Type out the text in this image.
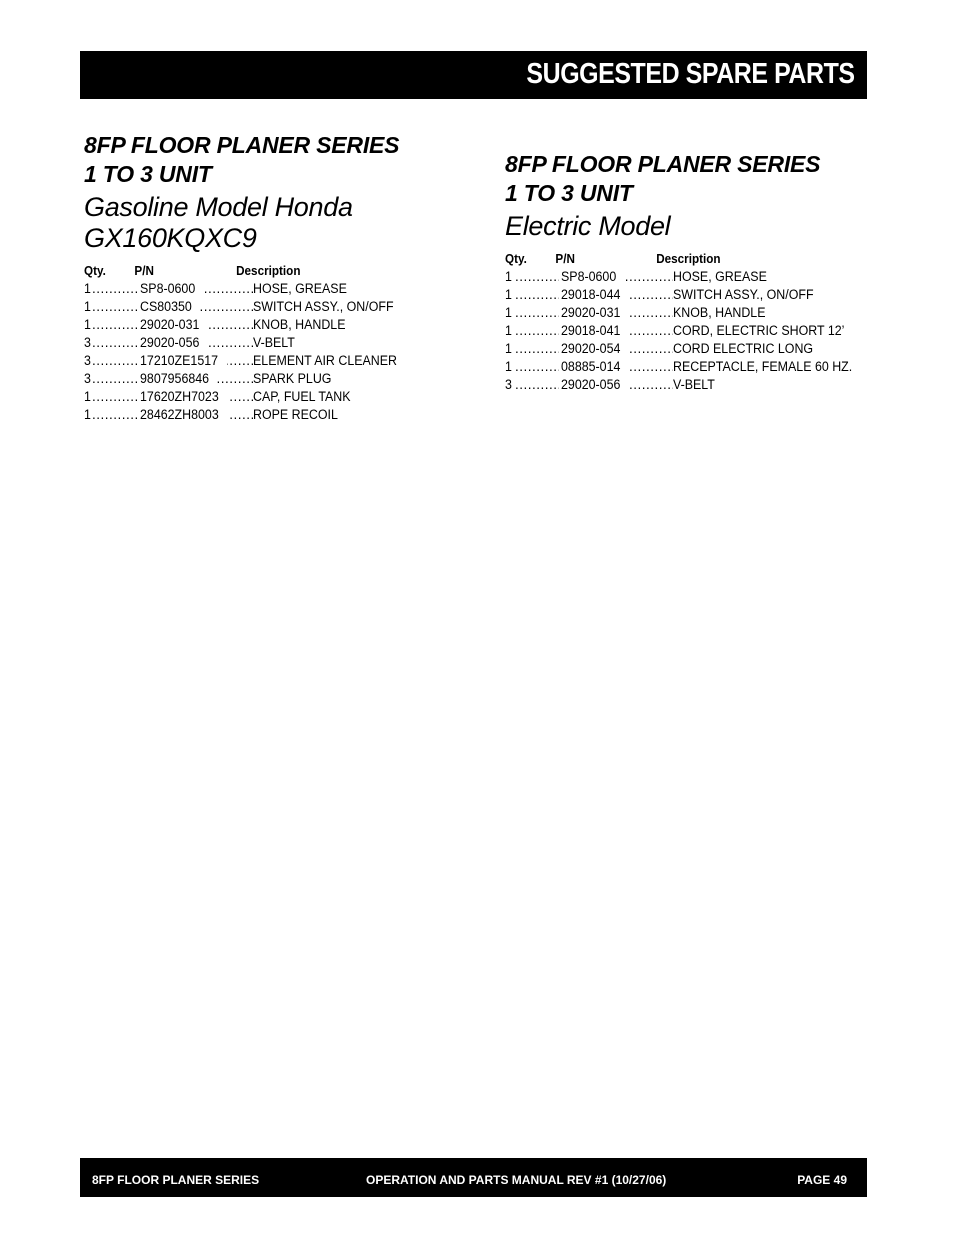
SUGGESTED SPARE PARTS
8FP FLOOR PLANER SERIES
1 TO 3 UNIT
Gasoline Model Honda GX160KQXC9
Qty. P/N	Description
.....
.....
1	SP8-0600	HOSE, GREASE
.....
.....
1	CS80350	SWITCH ASSY., ON/OFF
.....
.....
1	29020-031	KNOB, HANDLE
.....
.....
3	29020-056	V-BELT
.....
.....
3	17210ZE1517	ELEMENT AIR CLEANER
.....
.....
3	9807956846	SPARK PLUG
.....
.....
1	17620ZH7023	CAP, FUEL TANK
.....
.....
1	28462ZH8003	ROPE RECOIL
8FP FLOOR PLANER SERIES
1 TO 3 UNIT
Electric Model
Qty. P/N	Description
.....
.....
1	SP8-0600	HOSE, GREASE
.....
.....
1	29018-044	SWITCH ASSY., ON/OFF
.....
.....
1	29020-031	KNOB, HANDLE
.....
.....
1	29018-041	CORD, ELECTRIC SHORT 12’
.....
.....
1	29020-054	CORD ELECTRIC LONG
.....
.....
1	08885-014	RECEPTACLE, FEMALE 60 HZ.
.....
.....
3	29020-056	V-BELT
8FP FLOOR PLANER SERIES	OPERATION AND PARTS MANUAL REV #1 (10/27/06)	PAGE 49
